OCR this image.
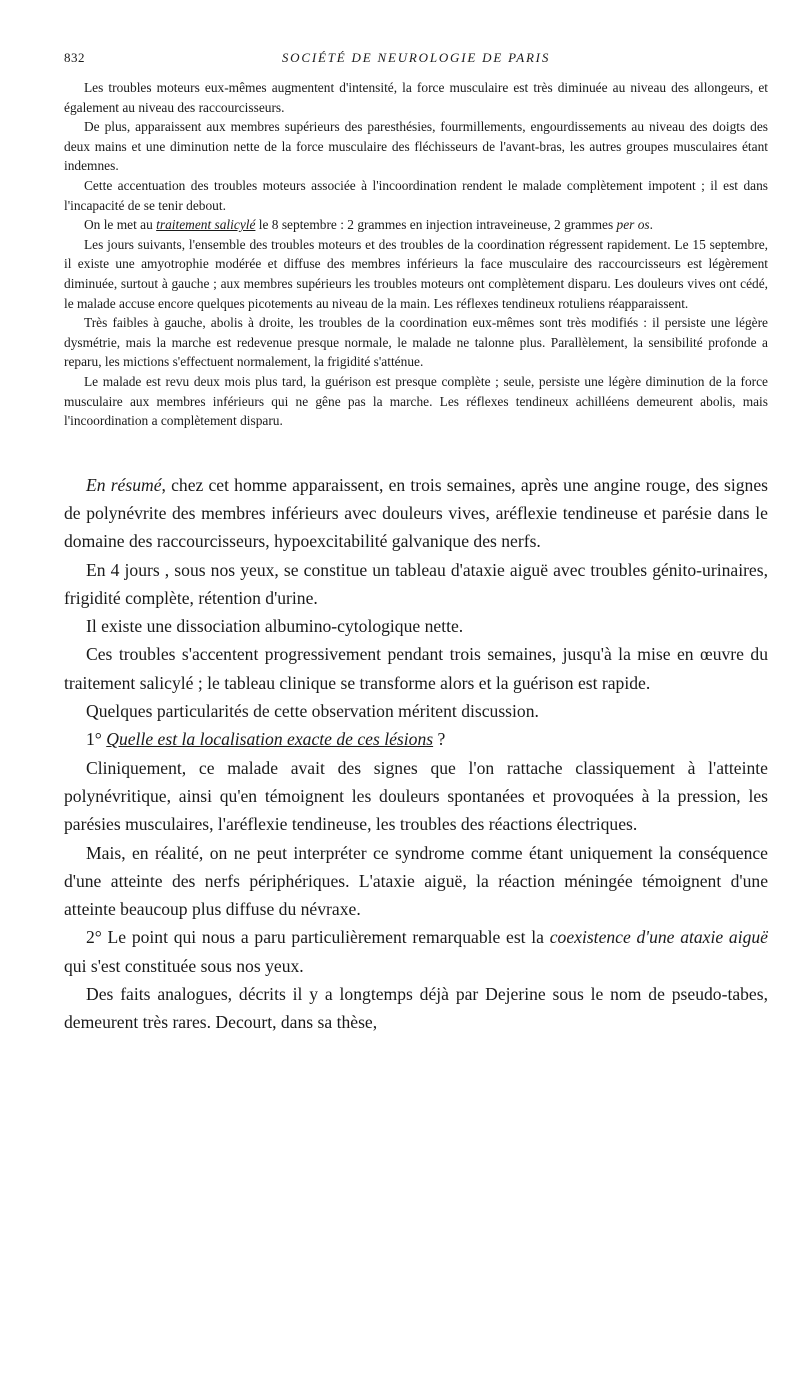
832	SOCIÉTÉ DE NEUROLOGIE DE PARIS

Les troubles moteurs eux-mêmes augmentent d'intensité, la force musculaire est très diminuée au niveau des allongeurs, et également au niveau des raccourcisseurs.

De plus, apparaissent aux membres supérieurs des paresthésies, fourmillements, engourdissements au niveau des doigts des deux mains et une diminution nette de la force musculaire des fléchisseurs de l'avant-bras, les autres groupes musculaires étant indemnes.

Cette accentuation des troubles moteurs associée à l'incoordination rendent le malade complètement impotent ; il est dans l'incapacité de se tenir debout.

On le met au traitement salicylé le 8 septembre : 2 grammes en injection intraveineuse, 2 grammes per os.

Les jours suivants, l'ensemble des troubles moteurs et des troubles de la coordination régressent rapidement. Le 15 septembre, il existe une amyotrophie modérée et diffuse des membres inférieurs la face musculaire des raccourcisseurs est légèrement diminuée, surtout à gauche ; aux membres supérieurs les troubles moteurs ont complètement disparu. Les douleurs vives ont cédé, le malade accuse encore quelques picotements au niveau de la main. Les réflexes tendineux rotuliens réapparaissent.

Très faibles à gauche, abolis à droite, les troubles de la coordination eux-mêmes sont très modifiés : il persiste une légère dysmétrie, mais la marche est redevenue presque normale, le malade ne talonne plus. Parallèlement, la sensibilité profonde a reparu, les mictions s'effectuent normalement, la frigidité s'atténue.

Le malade est revu deux mois plus tard, la guérison est presque complète ; seule, persiste une légère diminution de la force musculaire aux membres inférieurs qui ne gêne pas la marche. Les réflexes tendineux achilléens demeurent abolis, mais l'incoordination a complètement disparu.

En résumé, chez cet homme apparaissent, en trois semaines, après une angine rouge, des signes de polynévrite des membres inférieurs avec douleurs vives, aréflexie tendineuse et parésie dans le domaine des raccourcisseurs, hypoexcitabilité galvanique des nerfs.

En 4 jours , sous nos yeux, se constitue un tableau d'ataxie aiguë avec troubles génito-urinaires, frigidité complète, rétention d'urine.

Il existe une dissociation albumino-cytologique nette.

Ces troubles s'accentent progressivement pendant trois semaines, jusqu'à la mise en œuvre du traitement salicylé ; le tableau clinique se transforme alors et la guérison est rapide.

Quelques particularités de cette observation méritent discussion.

1° Quelle est la localisation exacte de ces lésions ?

Cliniquement, ce malade avait des signes que l'on rattache classiquement à l'atteinte polynévritique, ainsi qu'en témoignent les douleurs spontanées et provoquées à la pression, les parésies musculaires, l'aréflexie tendineuse, les troubles des réactions électriques.

Mais, en réalité, on ne peut interpréter ce syndrome comme étant uniquement la conséquence d'une atteinte des nerfs périphériques. L'ataxie aiguë, la réaction méningée témoignent d'une atteinte beaucoup plus diffuse du névraxe.

2° Le point qui nous a paru particulièrement remarquable est la coexistence d'une ataxie aiguë qui s'est constituée sous nos yeux.

Des faits analogues, décrits il y a longtemps déjà par Dejerine sous le nom de pseudo-tabes, demeurent très rares. Decourt, dans sa thèse,
